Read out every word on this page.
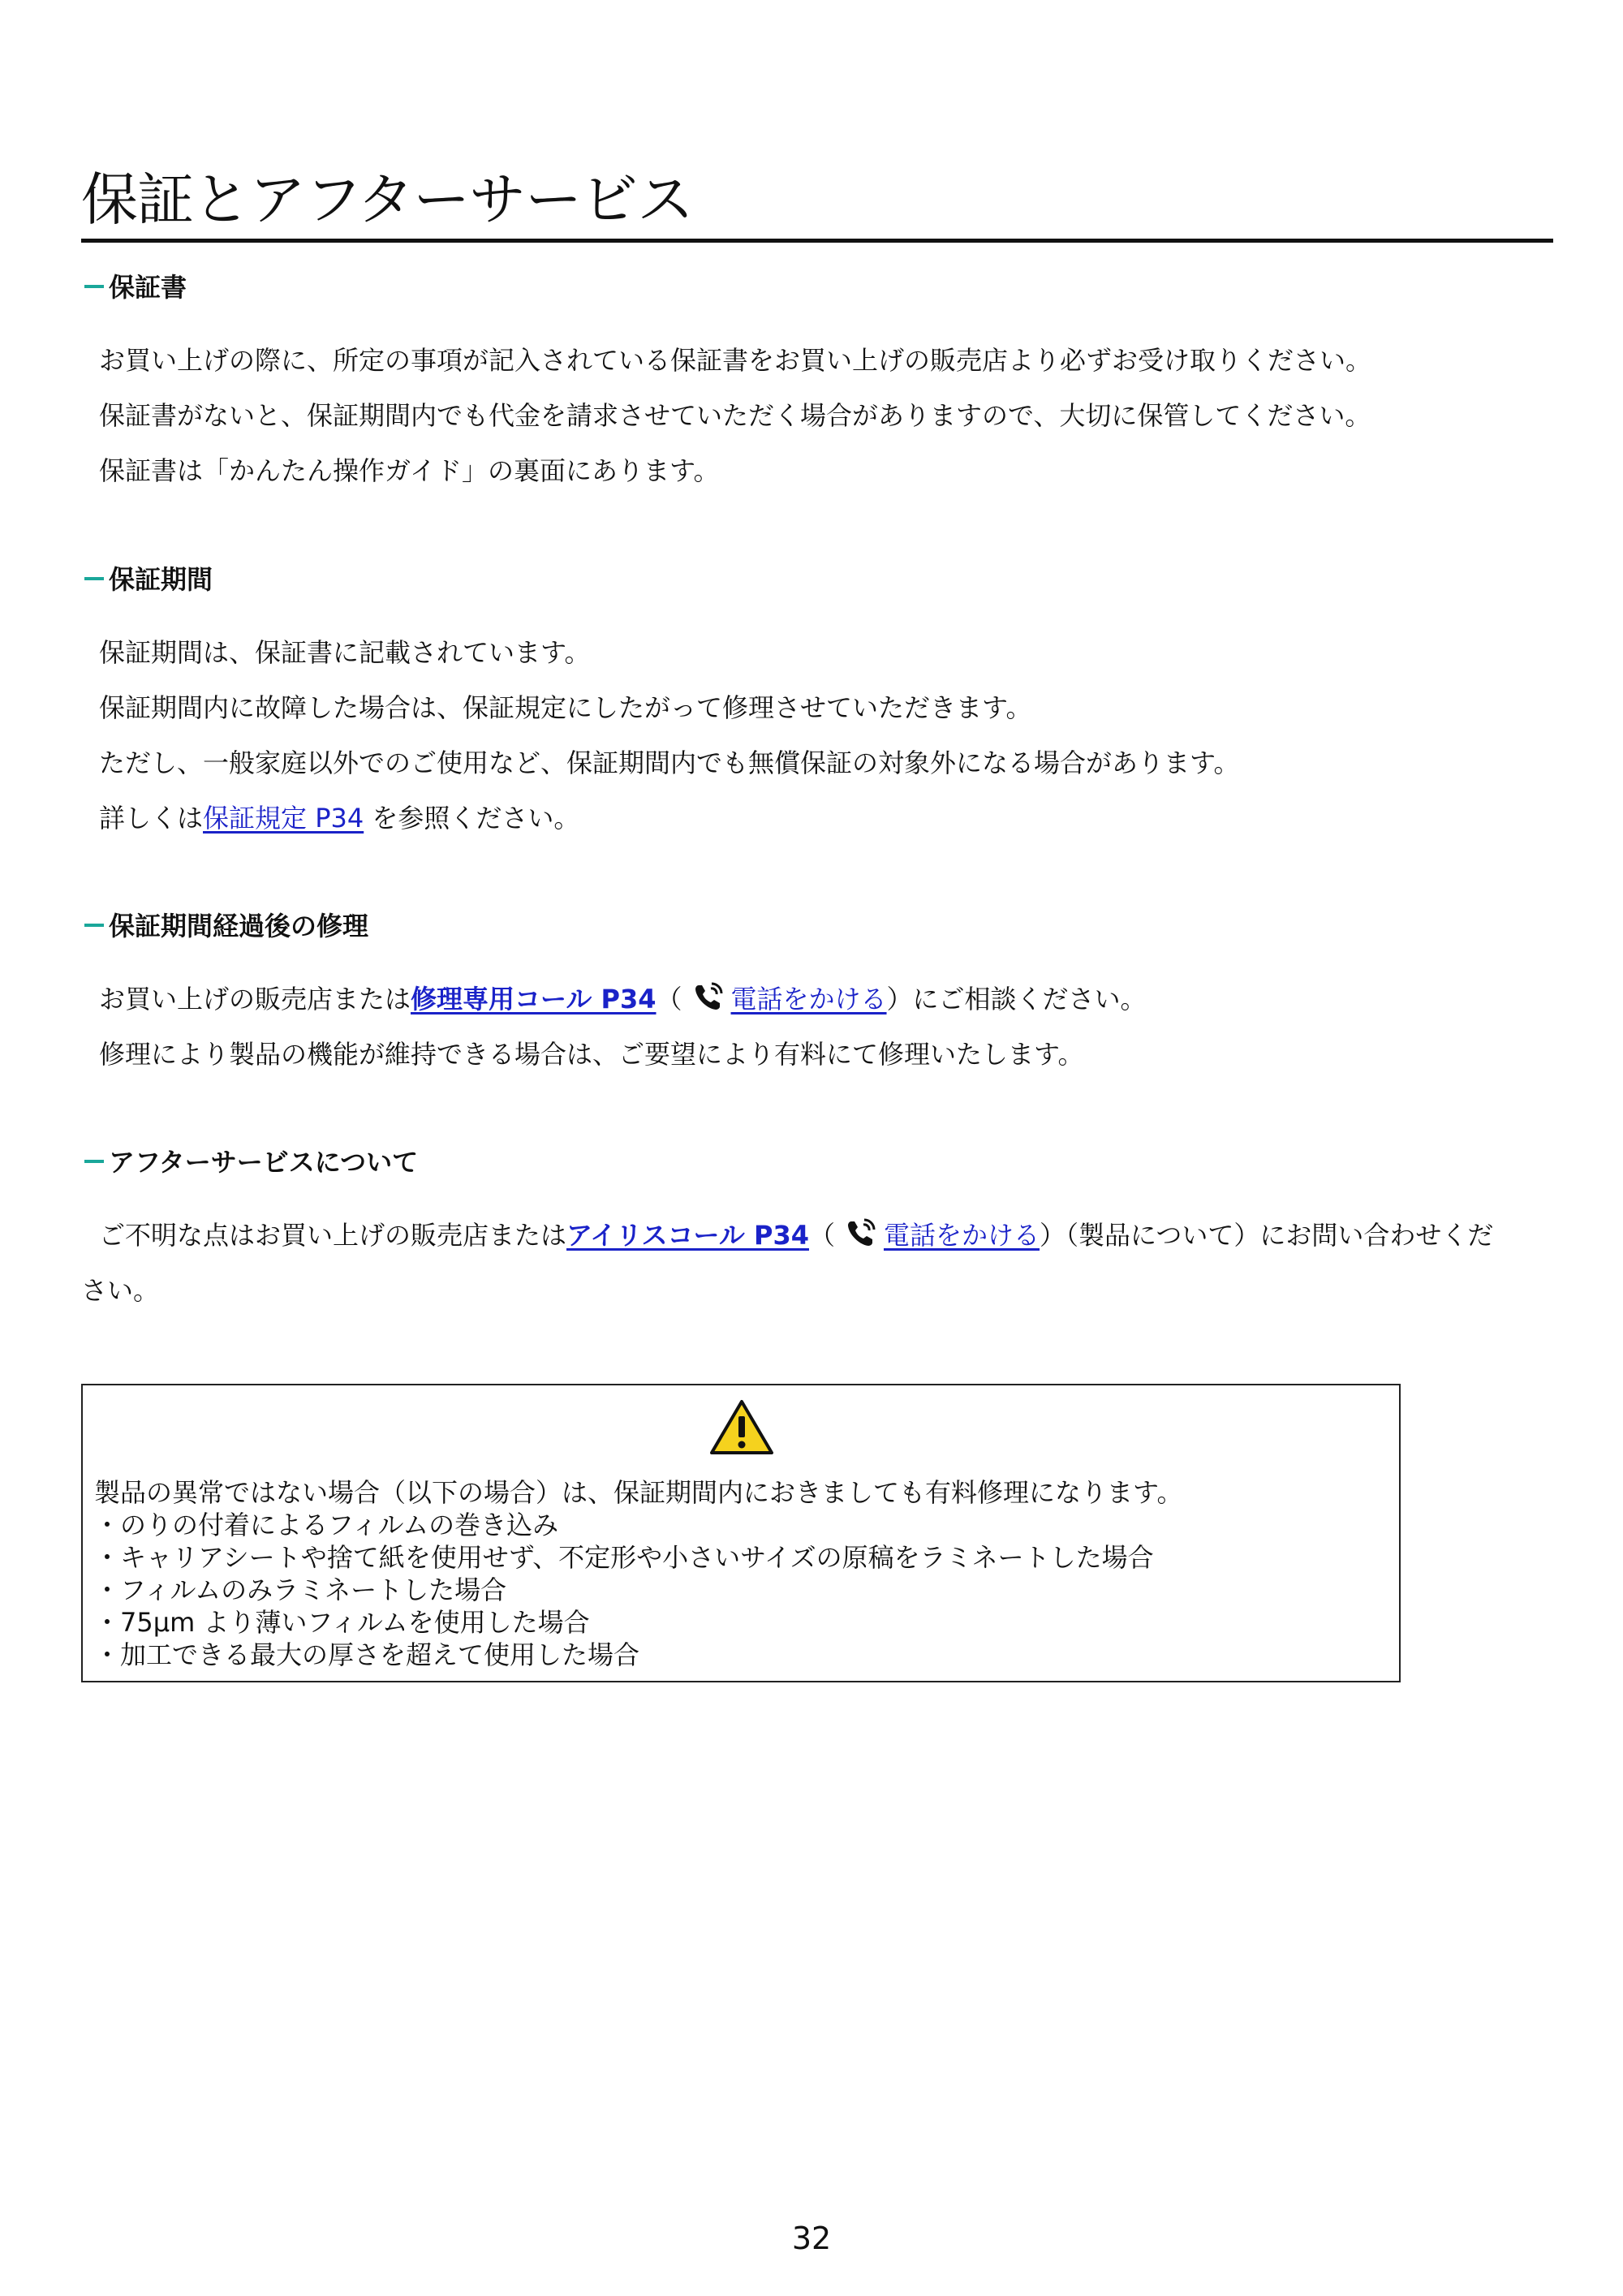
保証とアフターサービス
保証書

お買い上げの際に、所定の事項が記入されている保証書をお買い上げの販売店より必ずお受け取りください。

保証書がないと、保証期間内でも代金を請求させていただく場合がありますので、大切に保管してください。

保証書は「かんたん操作ガイド」の裏面にあります。

保証期間

保証期間は、保証書に記載されています。

保証期間内に故障した場合は、保証規定にしたがって修理させていただきます。

ただし、一般家庭以外でのご使用など、保証期間内でも無償保証の対象外になる場合があります。

詳しくは保証規定 P34 を参照ください。

保証期間経過後の修理

お買い上げの販売店または修理専用コール P34（ 電話をかける）にご相談ください。

修理により製品の機能が維持できる場合は、ご要望により有料にて修理いたします。

アフターサービスについて

ご不明な点はお買い上げの販売店またはアイリスコール P34（ 電話をかける）（製品について）にお問い合わせくだ

さい。

製品の異常ではない場合（以下の場合）は、保証期間内におきましても有料修理になります。
・のりの付着によるフィルムの巻き込み
・キャリアシートや捨て紙を使用せず、不定形や小さいサイズの原稿をラミネートした場合
・フィルムのみラミネートした場合
・75μm より薄いフィルムを使用した場合
・加工できる最大の厚さを超えて使用した場合
32
